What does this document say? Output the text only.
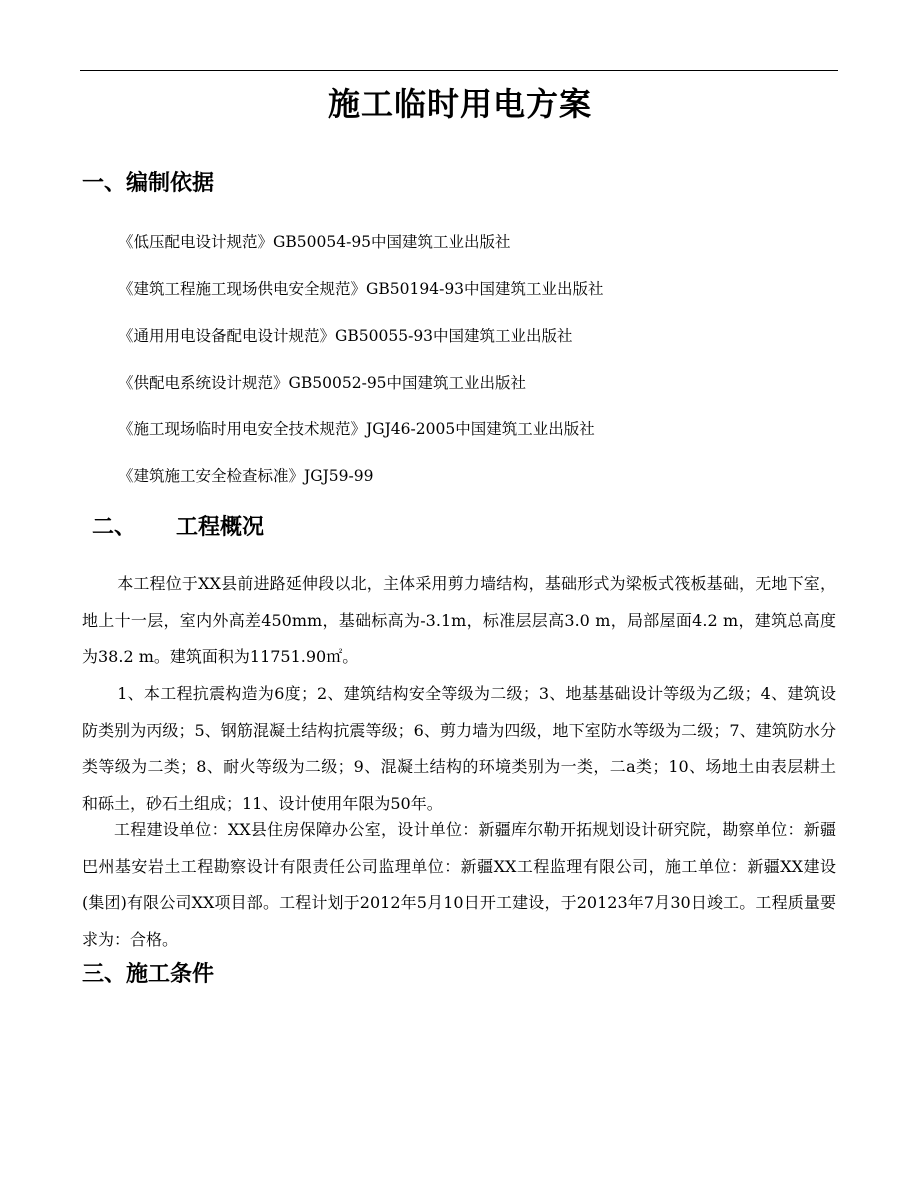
施工临时用电方案
一、编制依据
《低压配电设计规范》GB50054-95中国建筑工业出版社
《建筑工程施工现场供电安全规范》GB50194-93中国建筑工业出版社
《通用用电设备配电设计规范》GB50055-93中国建筑工业出版社
《供配电系统设计规范》GB50052-95中国建筑工业出版社
《施工现场临时用电安全技术规范》JGJ46-2005中国建筑工业出版社
《建筑施工安全检查标准》JGJ59-99
二、 工程概况

本工程位于XX县前进路延伸段以北，主体采用剪力墙结构，基础形式为梁板式筏板基础，无地下室，地上十一层，室内外高差450mm，基础标高为-3.1m，标准层层高3.0 m，局部屋面4.2 m，建筑总高度为38.2 m。建筑面积为11751.90㎡。

1、本工程抗震构造为6度；2、建筑结构安全等级为二级；3、地基基础设计等级为乙级；4、建筑设防类别为丙级；5、钢筋混凝土结构抗震等级；6、剪力墙为四级，地下室防水等级为二级；7、建筑防水分类等级为二类；8、耐火等级为二级；9、混凝土结构的环境类别为一类，二a类；10、场地土由表层耕土和砾土，砂石土组成；11、设计使用年限为50年。

工程建设单位：XX县住房保障办公室，设计单位：新疆库尔勒开拓规划设计研究院，勘察单位：新疆巴州基安岩土工程勘察设计有限责任公司监理单位：新疆XX工程监理有限公司，施工单位：新疆XX建设(集团)有限公司XX项目部。工程计划于2012年5月10日开工建设，于20123年7月30日竣工。工程质量要求为：合格。

三、施工条件
